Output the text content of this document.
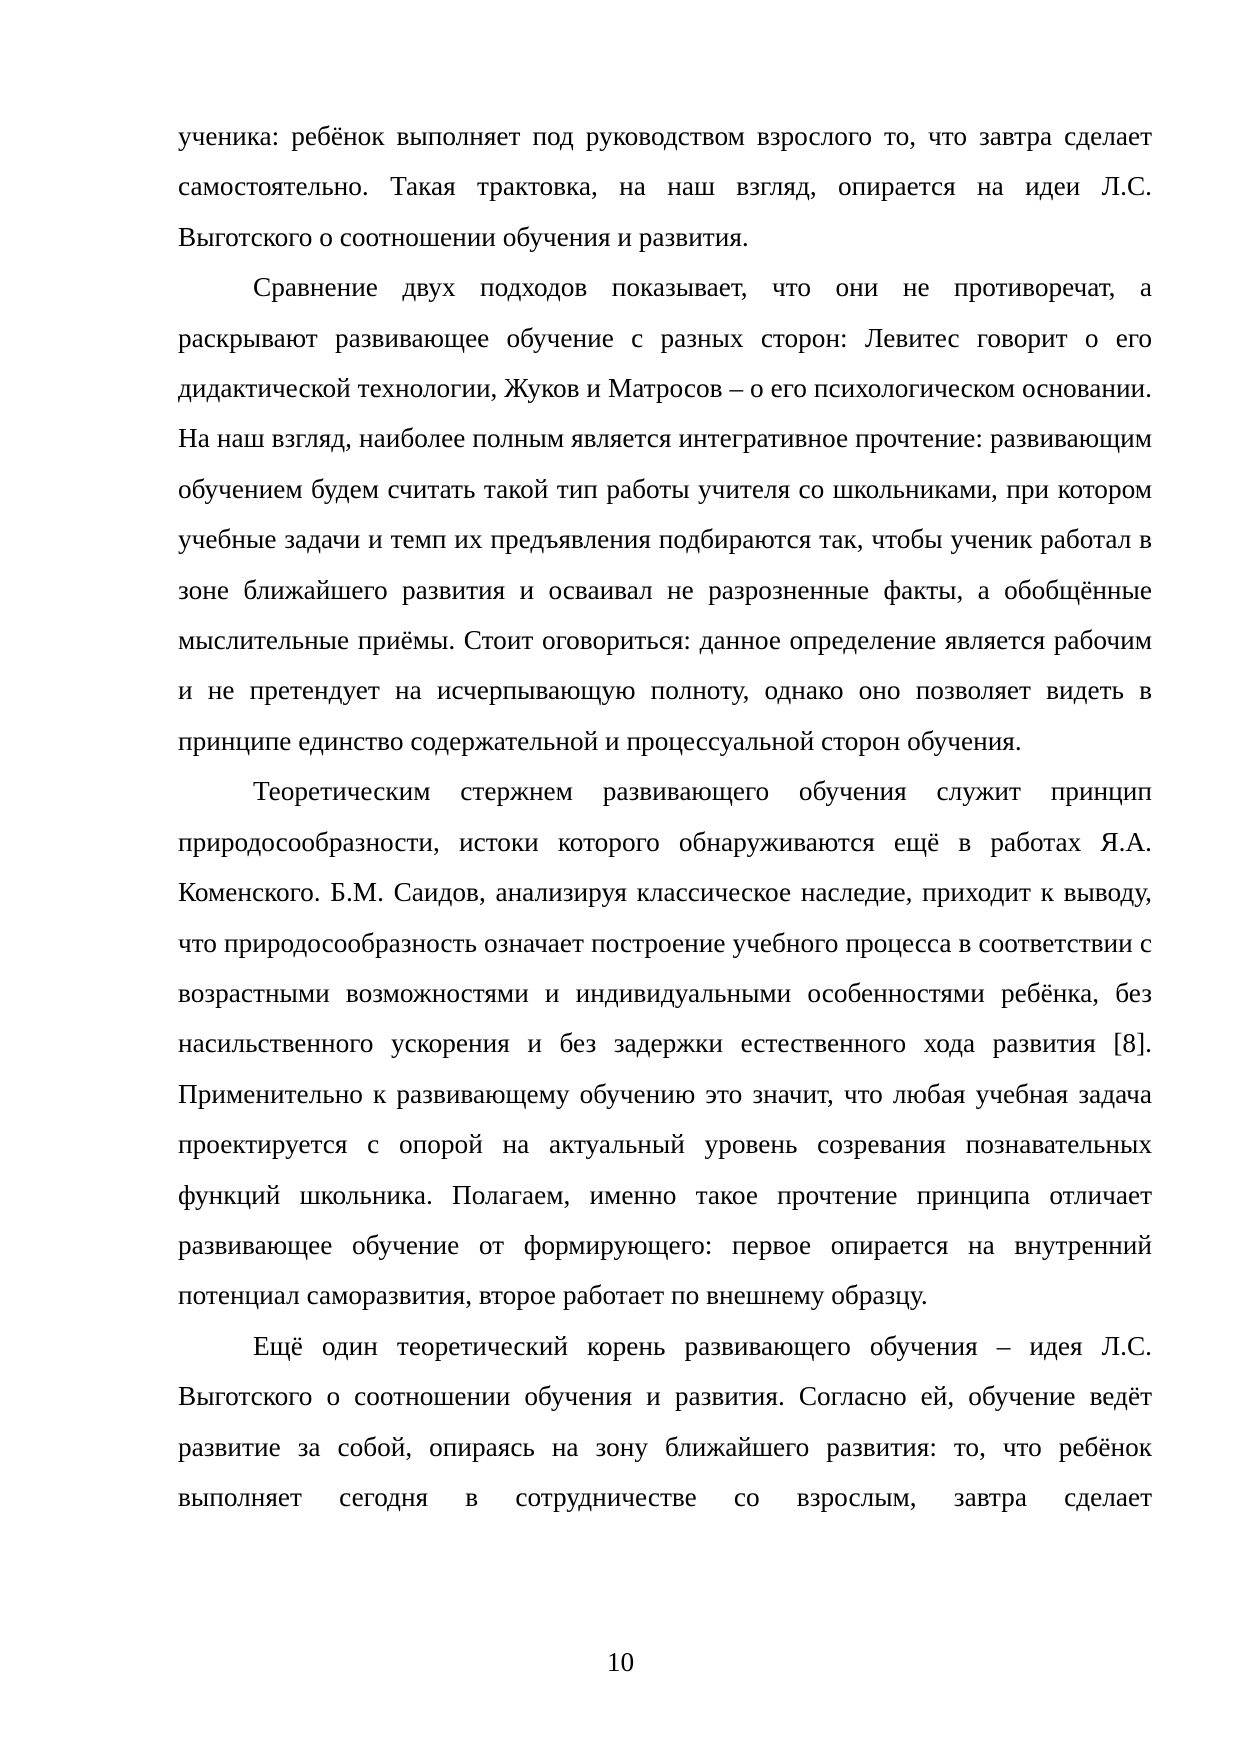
ученика: ребёнок выполняет под руководством взрослого то, что завтра сделает самостоятельно. Такая трактовка, на наш взгляд, опирается на идеи Л.С. Выготского о соотношении обучения и развития.

Сравнение двух подходов показывает, что они не противоречат, а раскрывают развивающее обучение с разных сторон: Левитес говорит о его дидактической технологии, Жуков и Матросов – о его психологическом основании. На наш взгляд, наиболее полным является интегративное прочтение: развивающим обучением будем считать такой тип работы учителя со школьниками, при котором учебные задачи и темп их предъявления подбираются так, чтобы ученик работал в зоне ближайшего развития и осваивал не разрозненные факты, а обобщённые мыслительные приёмы. Стоит оговориться: данное определение является рабочим и не претендует на исчерпывающую полноту, однако оно позволяет видеть в принципе единство содержательной и процессуальной сторон обучения.

Теоретическим стержнем развивающего обучения служит принцип природосообразности, истоки которого обнаруживаются ещё в работах Я.А. Коменского. Б.М. Саидов, анализируя классическое наследие, приходит к выводу, что природосообразность означает построение учебного процесса в соответствии с возрастными возможностями и индивидуальными особенностями ребёнка, без насильственного ускорения и без задержки естественного хода развития [8]. Применительно к развивающему обучению это значит, что любая учебная задача проектируется с опорой на актуальный уровень созревания познавательных функций школьника. Полагаем, именно такое прочтение принципа отличает развивающее обучение от формирующего: первое опирается на внутренний потенциал саморазвития, второе работает по внешнему образцу.

Ещё один теоретический корень развивающего обучения – идея Л.С. Выготского о соотношении обучения и развития. Согласно ей, обучение ведёт развитие за собой, опираясь на зону ближайшего развития: то, что ребёнок выполняет сегодня в сотрудничестве со взрослым, завтра сделает

10
